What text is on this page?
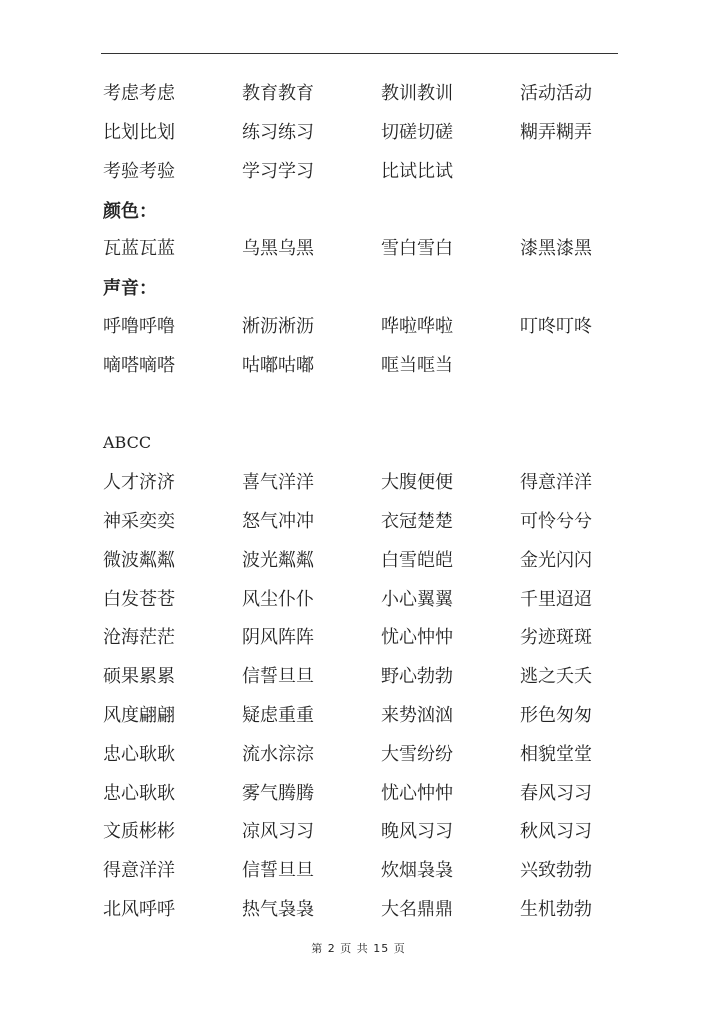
颜色：
声音：
ABCC
考虑考虑	教育教育	教训教训	活动活动
比划比划	练习练习	切磋切磋	糊弄糊弄
考验考验	学习学习	比试比试
瓦蓝瓦蓝	乌黑乌黑	雪白雪白	漆黑漆黑
呼噜呼噜	淅沥淅沥	哗啦哗啦	叮咚叮咚
嘀嗒嘀嗒	咕嘟咕嘟	哐当哐当
人才济济	喜气洋洋	大腹便便	得意洋洋
神采奕奕	怒气冲冲	衣冠楚楚	可怜兮兮
微波粼粼	波光粼粼	白雪皑皑	金光闪闪
白发苍苍	风尘仆仆	小心翼翼	千里迢迢
沧海茫茫	阴风阵阵	忧心忡忡	劣迹斑斑
硕果累累	信誓旦旦	野心勃勃	逃之夭夭
风度翩翩	疑虑重重	来势汹汹	形色匆匆
忠心耿耿	流水淙淙	大雪纷纷	相貌堂堂
忠心耿耿	雾气腾腾	忧心忡忡	春风习习
文质彬彬	凉风习习	晚风习习	秋风习习
得意洋洋	信誓旦旦	炊烟袅袅	兴致勃勃
北风呼呼	热气袅袅	大名鼎鼎	生机勃勃
第 2 页 共 15 页
